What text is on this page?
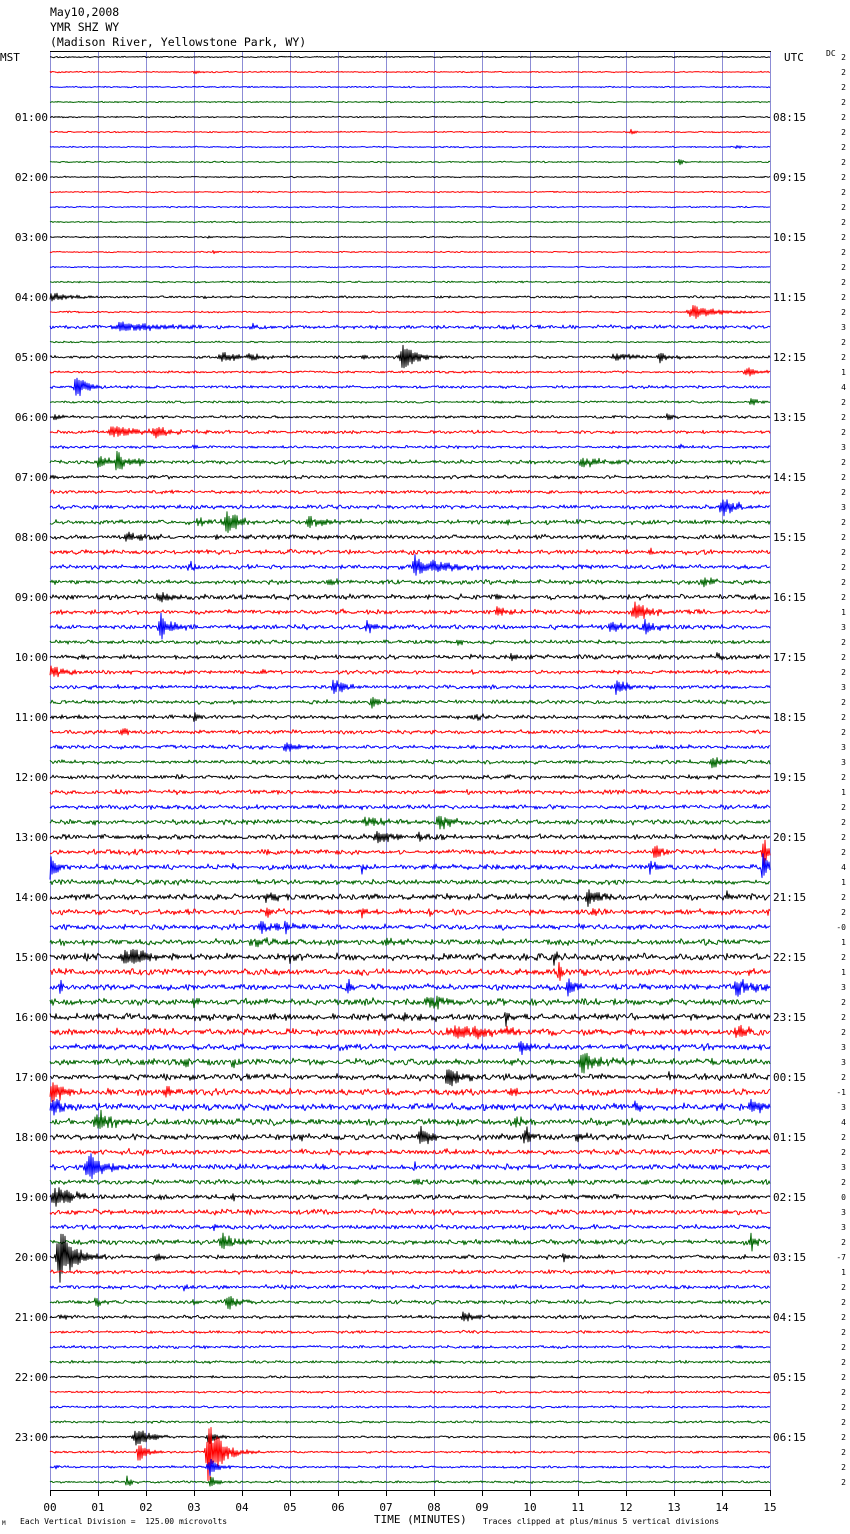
00	01	02	03	04	05	06	07	08	09	10	11	12	13	14	15
01:00
02:00
03:00
04:00
05:00
06:00
07:00
08:00
09:00
10:00
11:00
12:00
13:00
14:00
15:00
16:00
17:00
18:00
19:00
20:00
21:00
22:00
23:00
08:15
09:15
10:15
11:15
12:15
13:15
14:15
15:15
16:15
17:15
18:15
19:15
20:15
21:15
22:15
23:15
00:15
01:15
02:15
03:15
04:15
05:15
06:15
2
2
2
2
2
2
2
2
2
2
2
2
2
2
2
2
2
2
3
2
2
1
4
2
2
2
3
2
2
2
3
2
2
2
2
2
2
1
3
2
2
2
3
2
2
2
3
3
2
1
2
2
2
2
4
1
2
2
-0
1
2
1
3
2
2
2
3
3
2
-1
3
4
2
2
3
2
0
3
3
2
-7
1
2
2
2
2
2
2
2
2
2
2
2
2
2
2
May10,2008
YMR SHZ WY
(Madison River, Yellowstone Park, WY)
MST	UTC	DC
M Each Vertical Division =  125.00 microvolts	TIME (MINUTES) Traces clipped at plus/minus 5 vertical divisions
